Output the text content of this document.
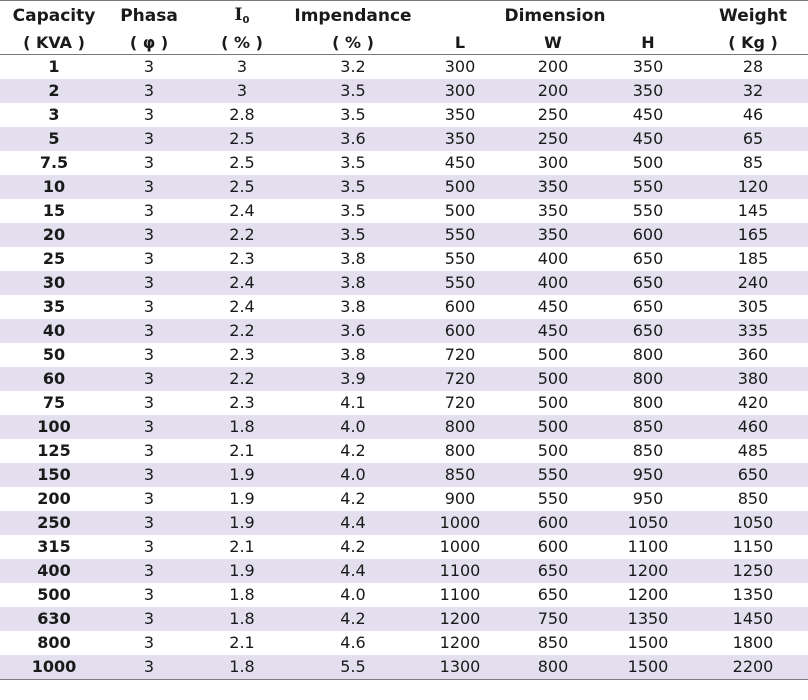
Capacity	Phasa	$I_0$	Impendance	Dimension			Weight
( KVA )	( φ )	( % )	( % )	L	W	H	( Kg )
1	3	3	3.2	300	200	350	28
2	3	3	3.5	300	200	350	32
3	3	2.8	3.5	350	250	450	46
5	3	2.5	3.6	350	250	450	65
7.5	3	2.5	3.5	450	300	500	85
10	3	2.5	3.5	500	350	550	120
15	3	2.4	3.5	500	350	550	145
20	3	2.2	3.5	550	350	600	165
25	3	2.3	3.8	550	400	650	185
30	3	2.4	3.8	550	400	650	240
35	3	2.4	3.8	600	450	650	305
40	3	2.2	3.6	600	450	650	335
50	3	2.3	3.8	720	500	800	360
60	3	2.2	3.9	720	500	800	380
75	3	2.3	4.1	720	500	800	420
100	3	1.8	4.0	800	500	850	460
125	3	2.1	4.2	800	500	850	485
150	3	1.9	4.0	850	550	950	650
200	3	1.9	4.2	900	550	950	850
250	3	1.9	4.4	1000	600	1050	1050
315	3	2.1	4.2	1000	600	1100	1150
400	3	1.9	4.4	1100	650	1200	1250
500	3	1.8	4.0	1100	650	1200	1350
630	3	1.8	4.2	1200	750	1350	1450
800	3	2.1	4.6	1200	850	1500	1800
1000	3	1.8	5.5	1300	800	1500	2200
